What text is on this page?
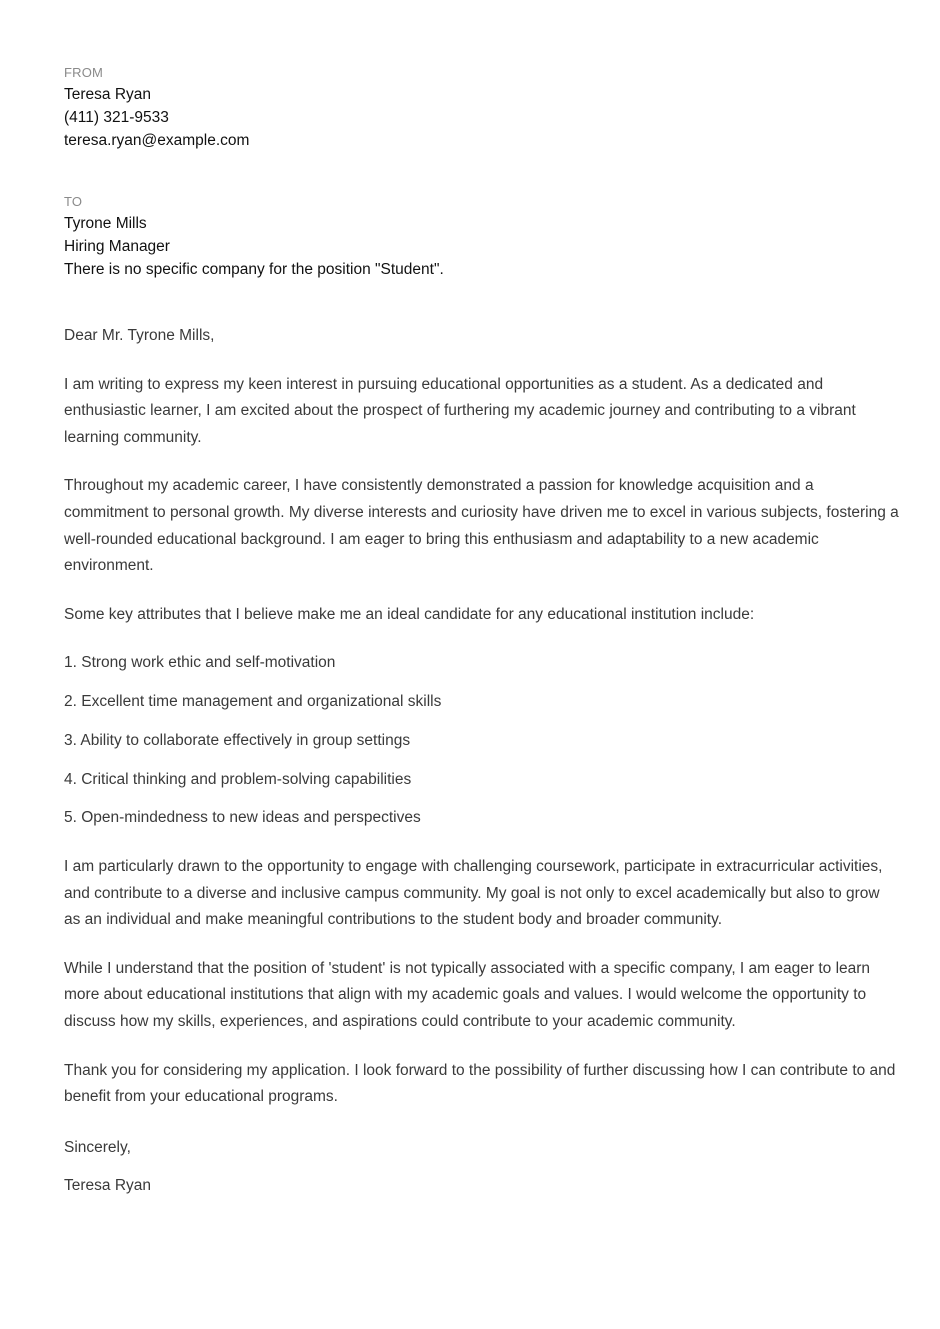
FROM
Teresa Ryan
(411) 321-9533
teresa.ryan@example.com
TO
Tyrone Mills
Hiring Manager
There is no specific company for the position "Student".
Dear Mr. Tyrone Mills,
I am writing to express my keen interest in pursuing educational opportunities as a student. As a dedicated and enthusiastic learner, I am excited about the prospect of furthering my academic journey and contributing to a vibrant learning community.
Throughout my academic career, I have consistently demonstrated a passion for knowledge acquisition and a commitment to personal growth. My diverse interests and curiosity have driven me to excel in various subjects, fostering a well-rounded educational background. I am eager to bring this enthusiasm and adaptability to a new academic environment.
Some key attributes that I believe make me an ideal candidate for any educational institution include:
1. Strong work ethic and self-motivation
2. Excellent time management and organizational skills
3. Ability to collaborate effectively in group settings
4. Critical thinking and problem-solving capabilities
5. Open-mindedness to new ideas and perspectives
I am particularly drawn to the opportunity to engage with challenging coursework, participate in extracurricular activities, and contribute to a diverse and inclusive campus community. My goal is not only to excel academically but also to grow as an individual and make meaningful contributions to the student body and broader community.
While I understand that the position of 'student' is not typically associated with a specific company, I am eager to learn more about educational institutions that align with my academic goals and values. I would welcome the opportunity to discuss how my skills, experiences, and aspirations could contribute to your academic community.
Thank you for considering my application. I look forward to the possibility of further discussing how I can contribute to and benefit from your educational programs.
Sincerely,
Teresa Ryan
